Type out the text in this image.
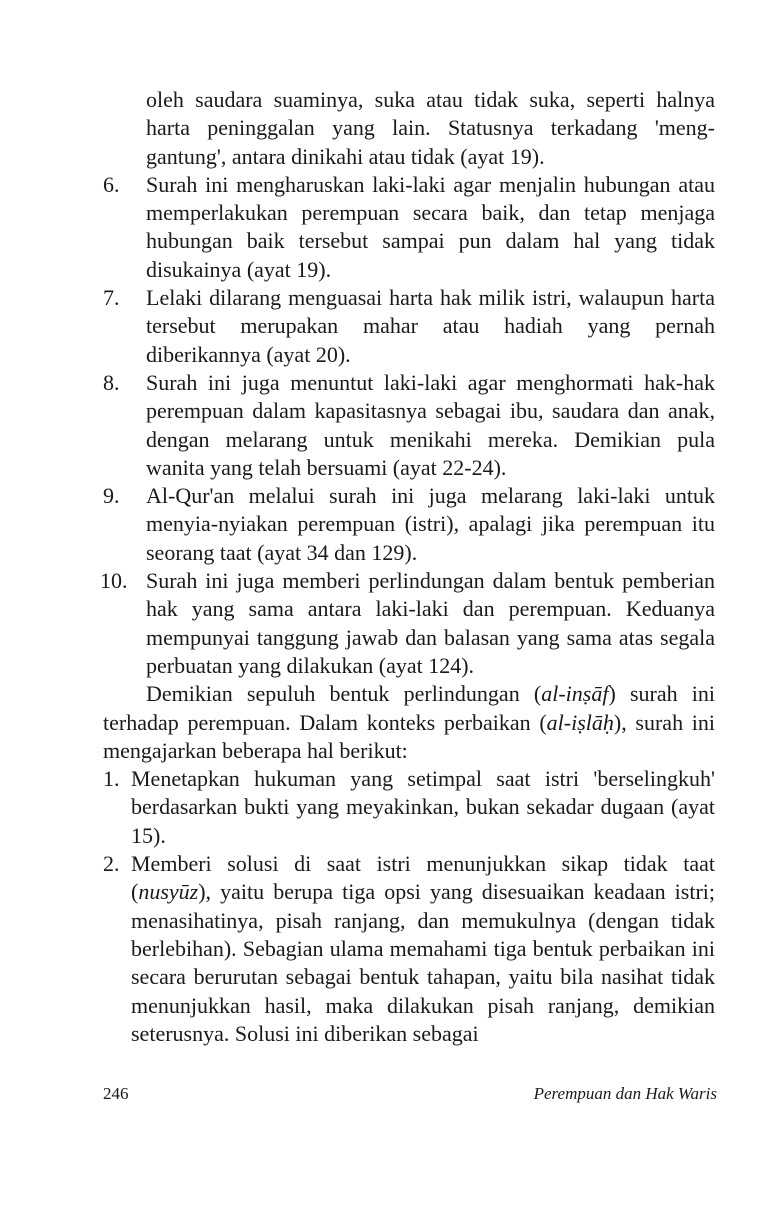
oleh saudara suaminya, suka atau tidak suka, seperti halnya harta peninggalan yang lain. Statusnya terkadang 'meng-gantung', antara dinikahi atau tidak (ayat 19).

6. Surah ini mengharuskan laki-laki agar menjalin hubungan atau memperlakukan perempuan secara baik, dan tetap menjaga hubungan baik tersebut sampai pun dalam hal yang tidak disukainya (ayat 19).

7. Lelaki dilarang menguasai harta hak milik istri, walaupun harta tersebut merupakan mahar atau hadiah yang pernah diberikannya (ayat 20).

8. Surah ini juga menuntut laki-laki agar menghormati hak-hak perempuan dalam kapasitasnya sebagai ibu, saudara dan anak, dengan melarang untuk menikahi mereka. Demikian pula wanita yang telah bersuami (ayat 22-24).

9. Al-Qur'an melalui surah ini juga melarang laki-laki untuk menyia-nyiakan perempuan (istri), apalagi jika perempuan itu seorang taat (ayat 34 dan 129).

10. Surah ini juga memberi perlindungan dalam bentuk pemberian hak yang sama antara laki-laki dan perempuan. Keduanya mempunyai tanggung jawab dan balasan yang sama atas segala perbuatan yang dilakukan (ayat 124).

Demikian sepuluh bentuk perlindungan (al-inṣāf) surah ini terhadap perempuan. Dalam konteks perbaikan (al-iṣlāḥ), surah ini mengajarkan beberapa hal berikut:

1. Menetapkan hukuman yang setimpal saat istri 'berselingkuh' berdasarkan bukti yang meyakinkan, bukan sekadar dugaan (ayat 15).

2. Memberi solusi di saat istri menunjukkan sikap tidak taat (nusyūz), yaitu berupa tiga opsi yang disesuaikan keadaan istri; menasihatinya, pisah ranjang, dan memukulnya (dengan tidak berlebihan). Sebagian ulama memahami tiga bentuk perbaikan ini secara berurutan sebagai bentuk tahapan, yaitu bila nasihat tidak menunjukkan hasil, maka dilakukan pisah ranjang, demikian seterusnya. Solusi ini diberikan sebagai

246	Perempuan dan Hak Waris
